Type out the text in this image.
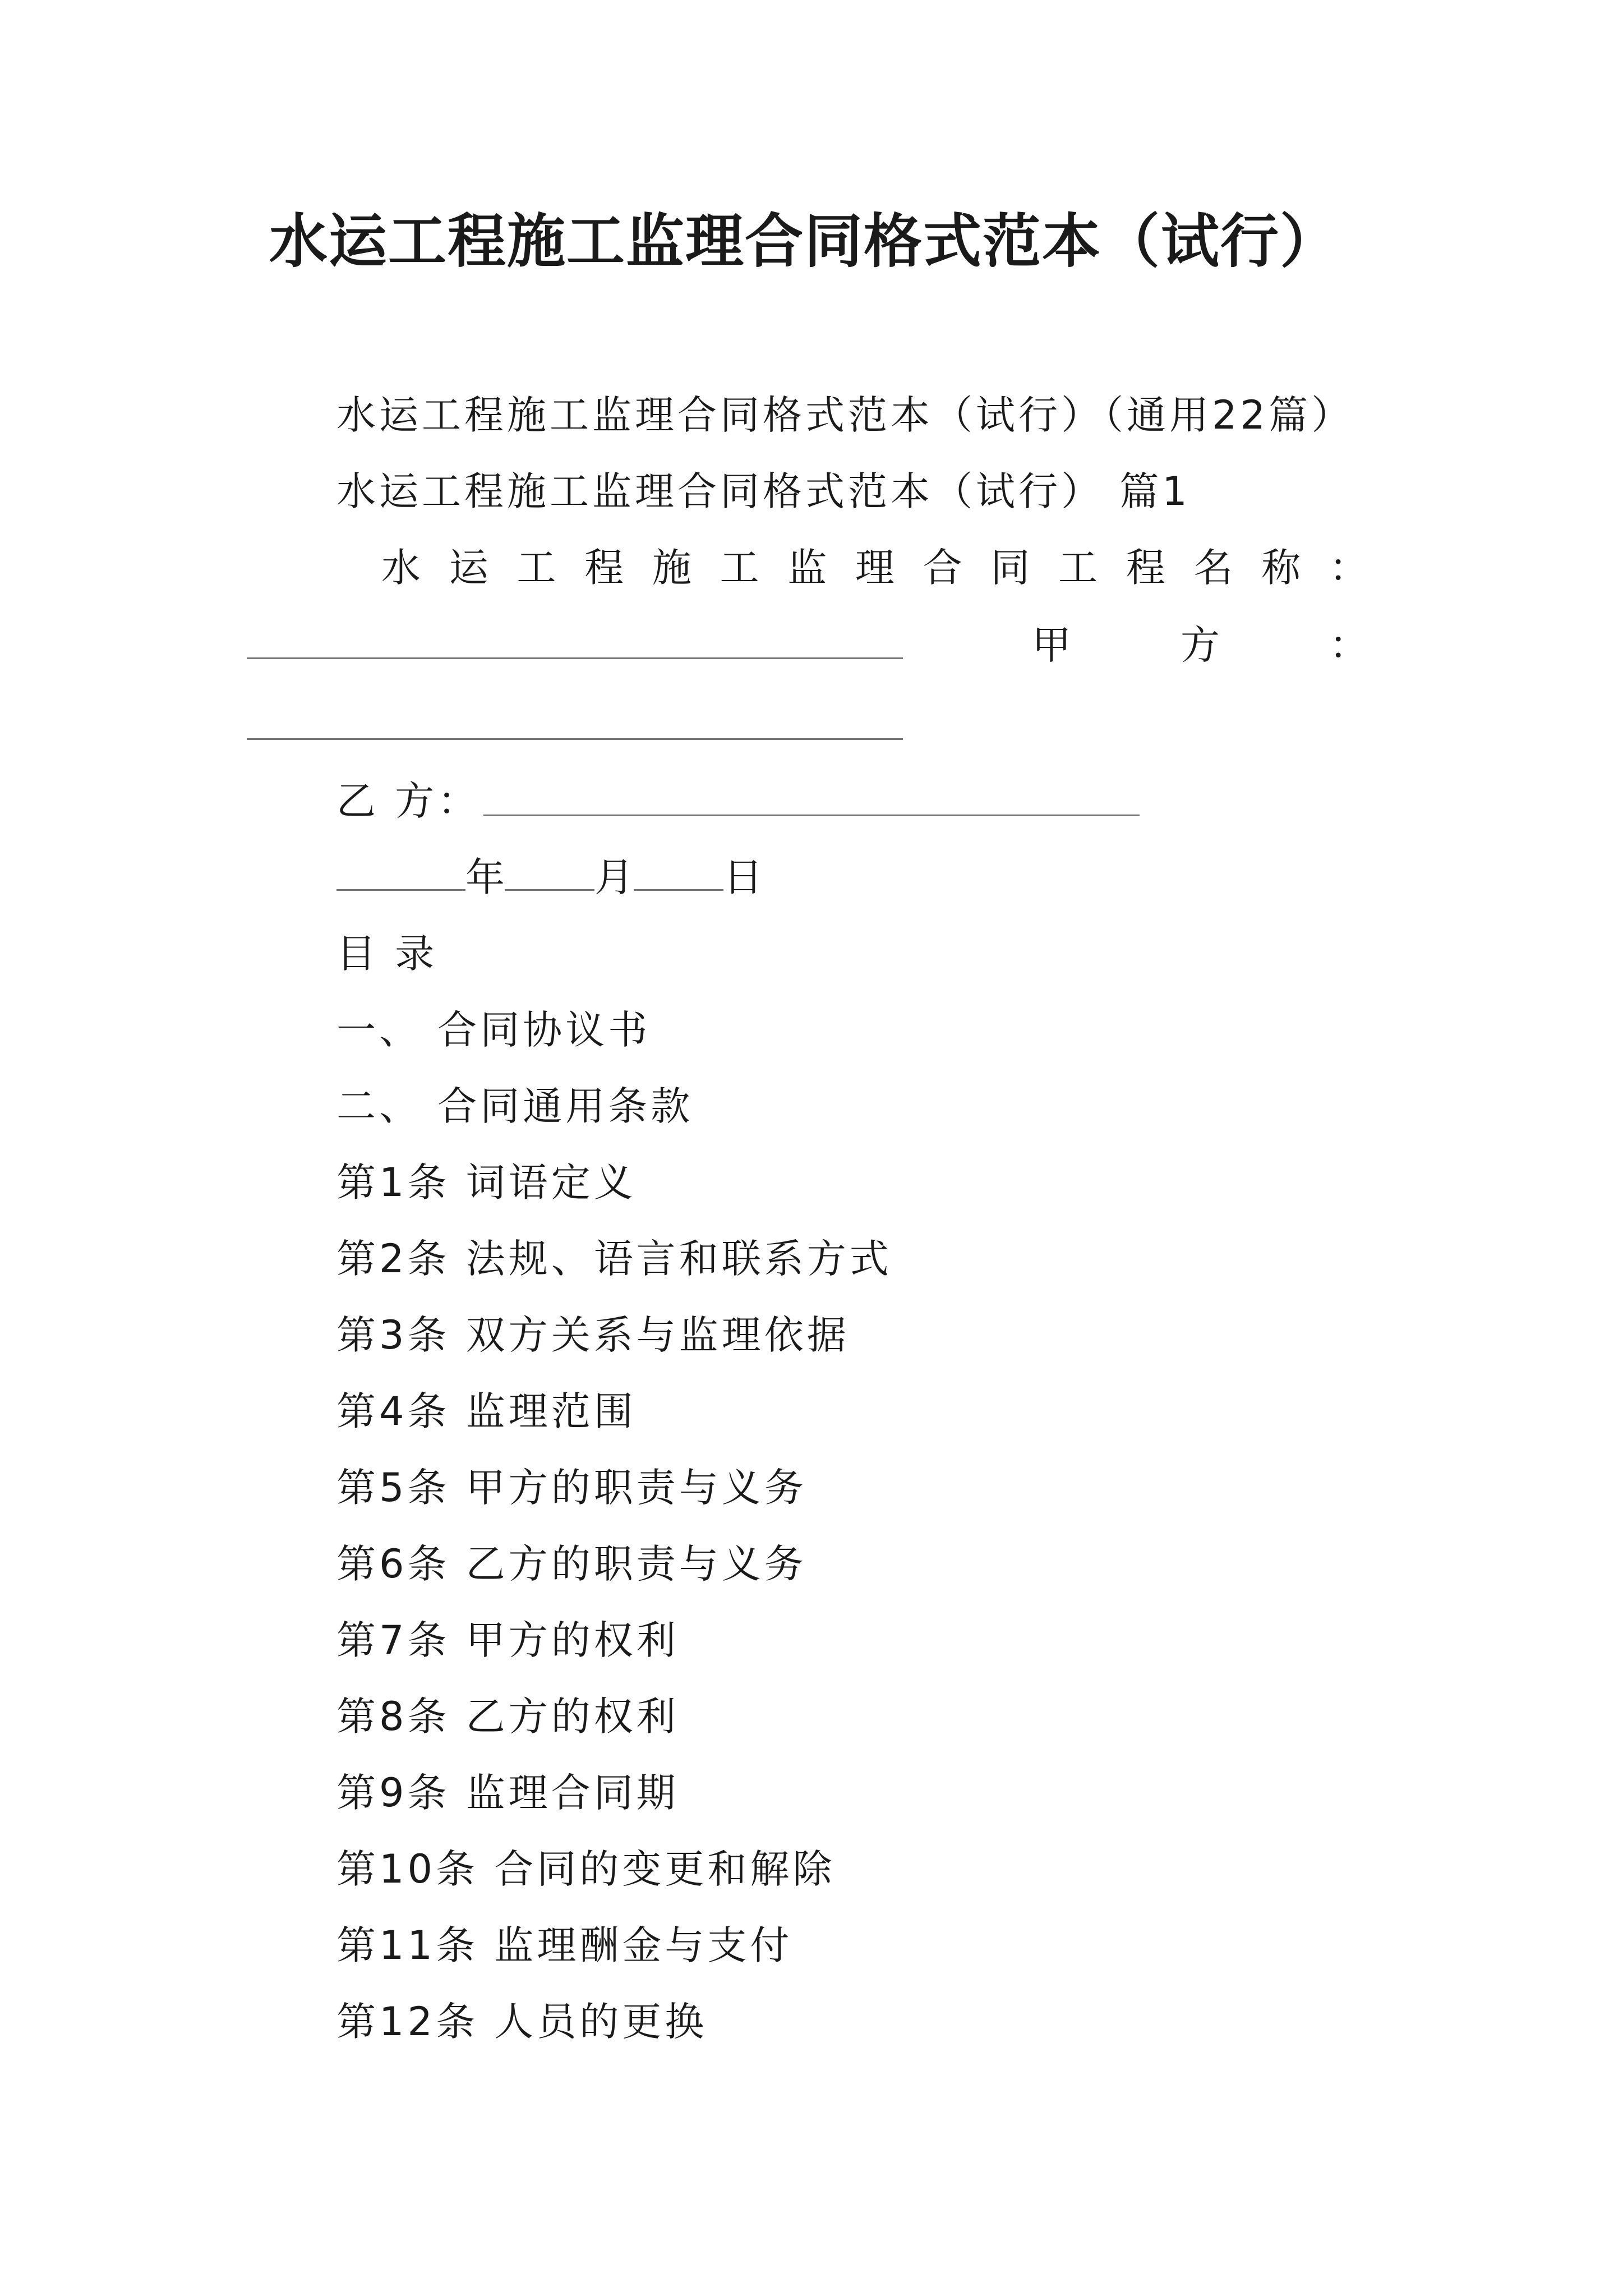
水运工程施工监理合同格式范本（试行）
水运工程施工监理合同格式范本（试行）（通用22篇）
水运工程施工监理合同格式范本（试行） 篇1
水 运 工 程 施 工 监 理 合 同 工 程 名 称 ：
甲	方	：
乙 方：
年 月 日
目 录
一、 合同协议书
二、 合同通用条款
第1条 词语定义
第2条 法规、语言和联系方式
第3条 双方关系与监理依据
第4条 监理范围
第5条 甲方的职责与义务
第6条 乙方的职责与义务
第7条 甲方的权利
第8条 乙方的权利
第9条 监理合同期
第10条 合同的变更和解除
第11条 监理酬金与支付
第12条 人员的更换
